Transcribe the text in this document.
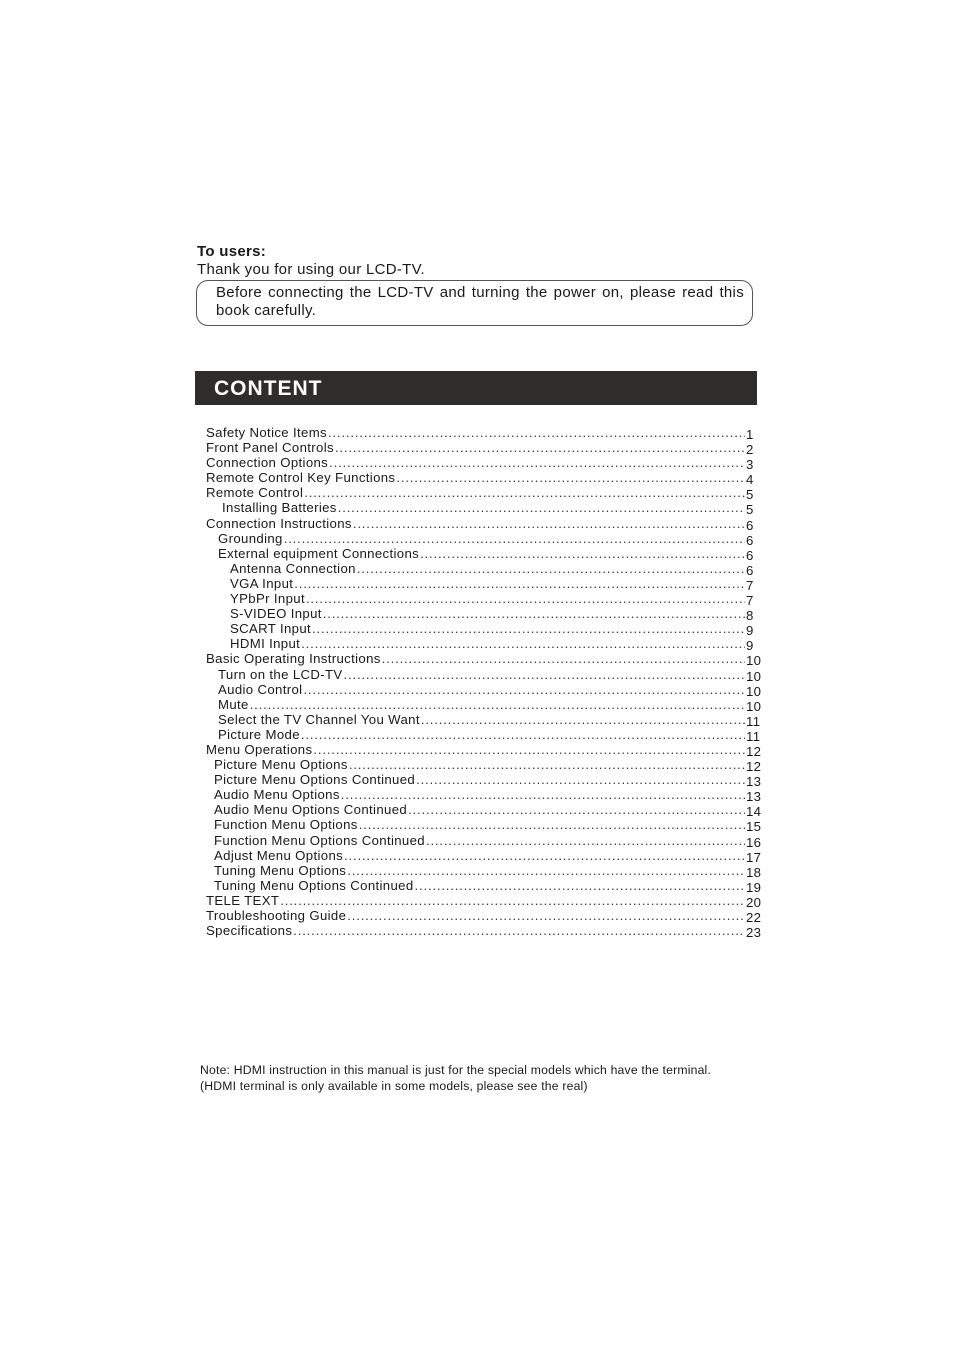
To users:
Thank you for using our LCD-TV.
Before connecting the LCD-TV and turning the power on, please read this book carefully.
CONTENT
Safety Notice Items .....	1
Front Panel Controls .....	2
Connection Options .....	3
Remote Control Key Functions .....	4
Remote Control .....	5
Installing Batteries .....	5
Connection Instructions .....	6
Grounding .....	6
External equipment Connections .....	6
Antenna Connection .....	6
VGA Input .....	7
YPbPr Input .....	7
S-VIDEO Input .....	8
SCART Input .....	9
HDMI Input .....	9
Basic Operating Instructions .....	10
Turn on the LCD-TV .....	10
Audio Control .....	10
Mute .....	10
Select the TV Channel You Want .....	11
Picture Mode .....	11
Menu Operations .....	12
Picture Menu Options .....	12
Picture Menu Options Continued .....	13
Audio Menu Options .....	13
Audio Menu Options Continued .....	14
Function Menu Options .....	15
Function Menu Options Continued .....	16
Adjust Menu Options .....	17
Tuning Menu Options .....	18
Tuning Menu Options Continued .....	19
TELE TEXT .....	20
Troubleshooting Guide .....	22
Specifications .....	23
Note: HDMI instruction in this manual is just for the special models which have the terminal.
(HDMI terminal is only available in some models, please see the real)
